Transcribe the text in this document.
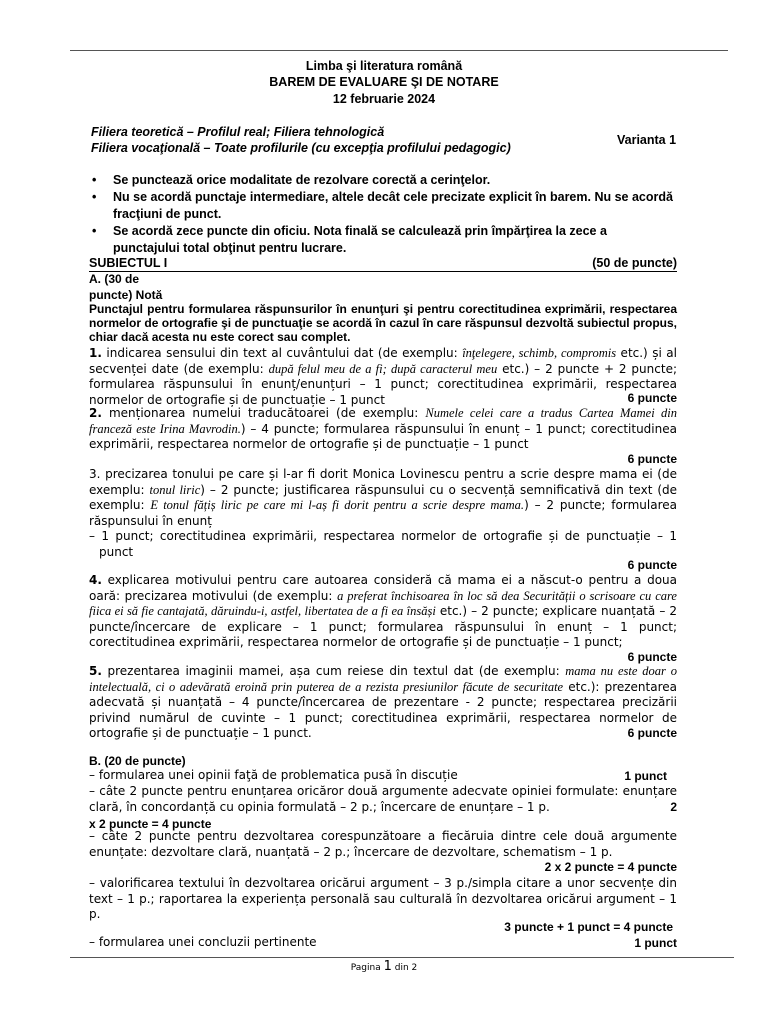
Limba şi literatura română
BAREM DE EVALUARE ŞI DE NOTARE
12 februarie 2024
Filiera teoretică – Profilul real; Filiera tehnologică
Filiera vocaţională – Toate profilurile (cu excepţia profilului pedagogic)
Varianta 1
• Se punctează orice modalitate de rezolvare corectă a cerinţelor.
• Nu se acordă punctaje intermediare, altele decât cele precizate explicit în barem. Nu se acordă fracţiuni de punct.
• Se acordă zece puncte din oficiu. Nota finală se calculează prin împărţirea la zece a punctajului total obţinut pentru lucrare.
SUBIECTUL I	(50 de puncte)
A. (30 de
puncte) Notă
Punctajul pentru formularea răspunsurilor în enunţuri şi pentru corectitudinea exprimării, respectarea normelor de ortografie şi de punctuaţie se acordă în cazul în care răspunsul dezvoltă subiectul propus, chiar dacă acesta nu este corect sau complet.
1. indicarea sensului din text al cuvântului dat (de exemplu: înţelegere, schimb, compromis etc.) și al secvenței date (de exemplu: după felul meu de a fi; după caracterul meu etc.) – 2 puncte + 2 puncte; formularea răspunsului în enunț/enunțuri – 1 punct; corectitudinea exprimării, respectarea normelor de ortografie și de punctuație – 1 punct	6 puncte
2. menționarea numelui traducătoarei (de exemplu: Numele celei care a tradus Cartea Mamei din franceză este Irina Mavrodin.) – 4 puncte; formularea răspunsului în enunț – 1 punct; corectitudinea exprimării, respectarea normelor de ortografie și de punctuație – 1 punct
6 puncte
3. precizarea tonului pe care și l-ar fi dorit Monica Lovinescu pentru a scrie despre mama ei (de exemplu: tonul liric) – 2 puncte; justificarea răspunsului cu o secvență semnificativă din text (de exemplu: E tonul fățiș liric pe care mi l-aș fi dorit pentru a scrie despre mama.) – 2 puncte; formularea răspunsului în enunț
– 1 punct; corectitudinea exprimării, respectarea normelor de ortografie și de punctuație – 1 punct
6 puncte
4. explicarea motivului pentru care autoarea consideră că mama ei a născut-o pentru a doua oară: precizarea motivului (de exemplu: a preferat închisoarea în loc să dea Securității o scrisoare cu care fiica ei să fie cantajată, dăruindu-i, astfel, libertatea de a fi ea însăși etc.) – 2 puncte; explicare nuanțată – 2 puncte/încercare de explicare – 1 punct; formularea răspunsului în enunț – 1 punct; corectitudinea exprimării, respectarea normelor de ortografie și de punctuație – 1 punct;
6 puncte
5. prezentarea imaginii mamei, așa cum reiese din textul dat (de exemplu: mama nu este doar o intelectuală, ci o adevărată eroină prin puterea de a rezista presiunilor făcute de securitate etc.): prezentarea adecvată și nuanțată – 4 puncte/încercarea de prezentare - 2 puncte; respectarea precizării privind numărul de cuvinte – 1 punct; corectitudinea exprimării, respectarea normelor de ortografie și de punctuație – 1 punct.	6 puncte
B. (20 de puncte)
– formularea unei opinii faţă de problematica pusă în discuție	1 punct
– câte 2 puncte pentru enunțarea oricăror două argumente adecvate opiniei formulate: enunțare clară, în concordanță cu opinia formulată – 2 p.; încercare de enunțare – 1 p.	2
x 2 puncte = 4 puncte
– câte 2 puncte pentru dezvoltarea corespunzătoare a fiecăruia dintre cele două argumente enunțate: dezvoltare clară, nuanțată – 2 p.; încercare de dezvoltare, schematism – 1 p.
2 x 2 puncte = 4 puncte
– valorificarea textului în dezvoltarea oricărui argument – 3 p./simpla citare a unor secvențe din text – 1 p.; raportarea la experiența personală sau culturală în dezvoltarea oricărui argument – 1 p.
3 puncte + 1 punct = 4 puncte
– formularea unei concluzii pertinente	1 punct
Pagina 1 din 2
